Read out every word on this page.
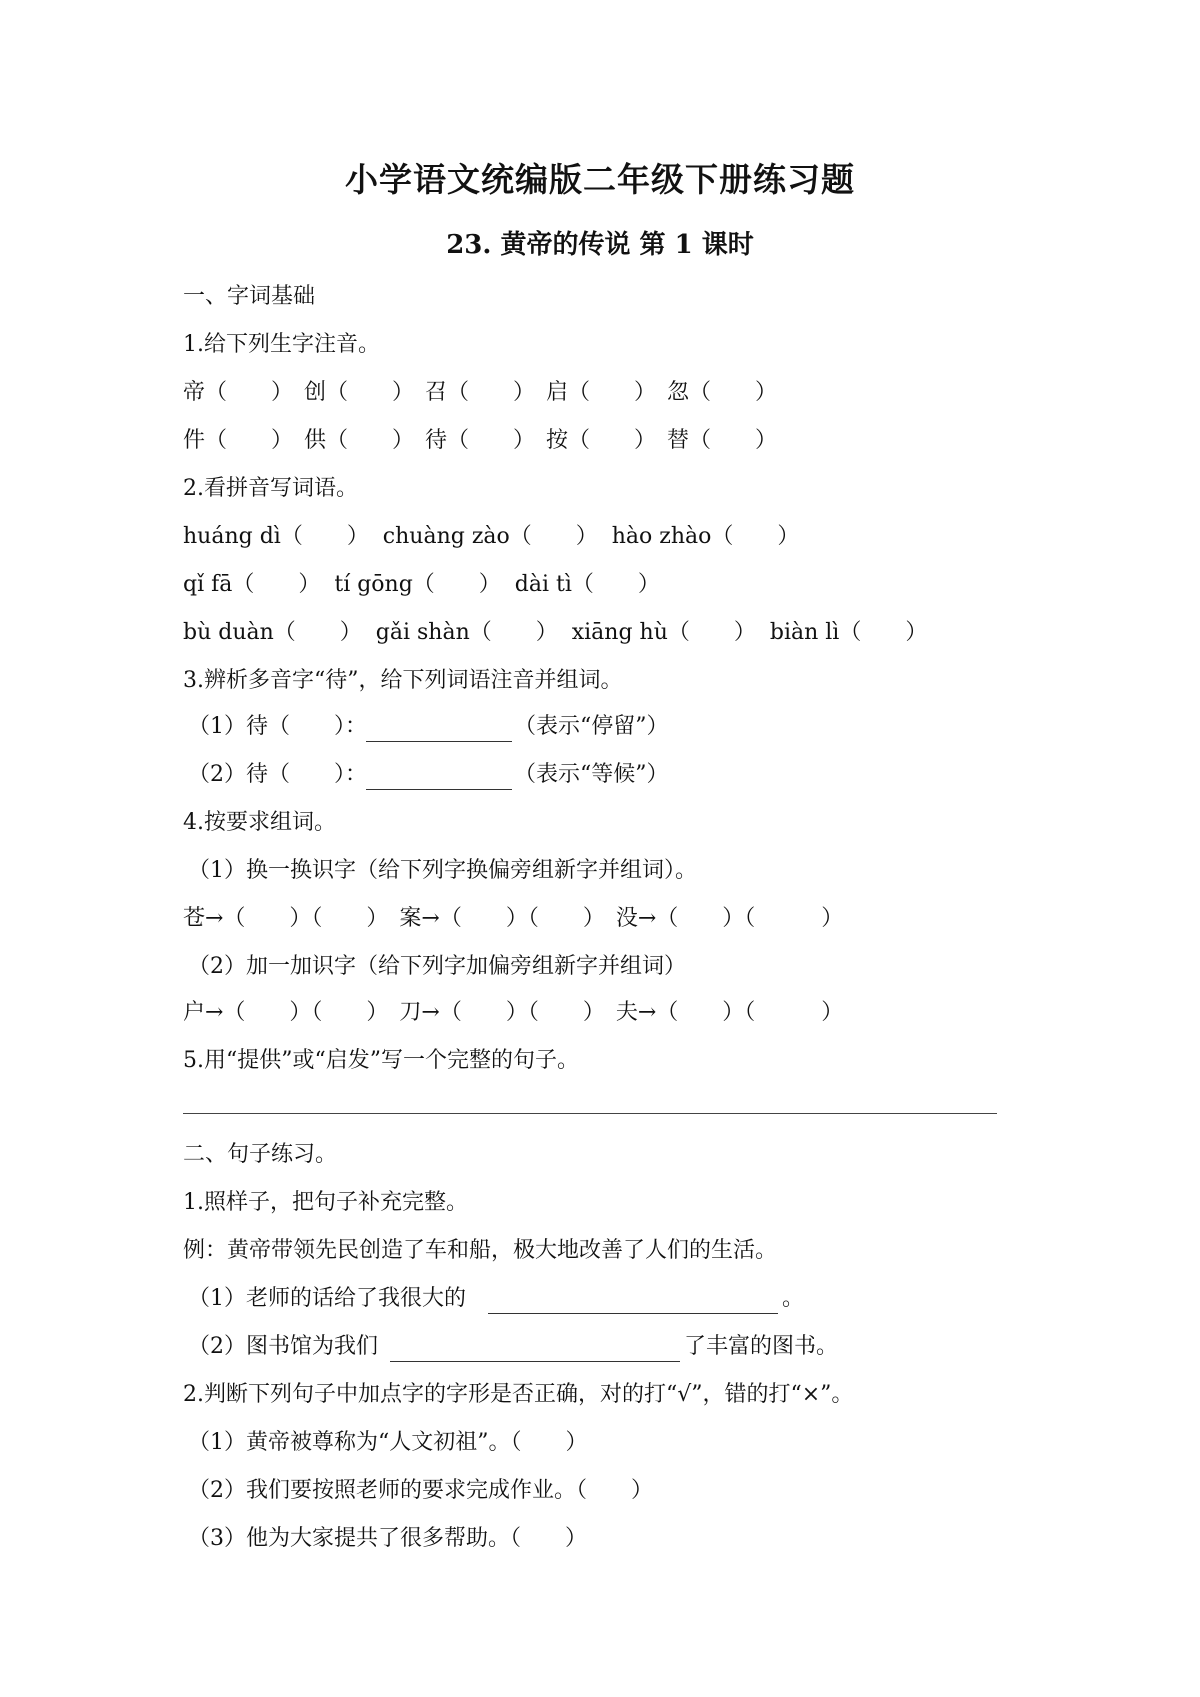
小学语文统编版二年级下册练习题
23. 黄帝的传说 第 1 课时
一、字词基础
1.给下列生字注音。
帝（　　）　创（　　）　召（　　）　启（　　）　忽（　　）
件（　　）　供（　　）　待（　　）　按（　　）　替（　　）
2.看拼音写词语。
huáng dì（　　）  chuàng zào（　　）  hào zhào（　　）
qǐ fā（　　）  tí gōng（　　）  dài tì（　　）
bù duàn（　　）  gǎi shàn（　　）  xiāng hù（　　）  biàn lì（　　）
3.辨析多音字“待”，给下列词语注音并组词。
（1）待（　　）：	（表示“停留”）
（2）待（　　）：	（表示“等候”）
4.按要求组词。
（1）换一换识字（给下列字换偏旁组新字并组词）。
苍→（　　）（　　）　案→（　　）（　　）　没→（　　）（　　　）
（2）加一加识字（给下列字加偏旁组新字并组词）
户→（　　）（　　）　刀→（　　）（　　）　夫→（　　）（　　　）
5.用“提供”或“启发”写一个完整的句子。
二、句子练习。
1.照样子，把句子补充完整。
例：黄帝带领先民创造了车和船，极大地改善了人们的生活。
（1）老师的话给了我很大的	。
（2）图书馆为我们	了丰富的图书。
2.判断下列句子中加点字的字形是否正确，对的打“√”，错的打“×”。
（1）黄帝被尊称为“人文初祖”。（　　）
（2）我们要按照老师的要求完成作业。（　　）
（3）他为大家提共了很多帮助。（　　）
